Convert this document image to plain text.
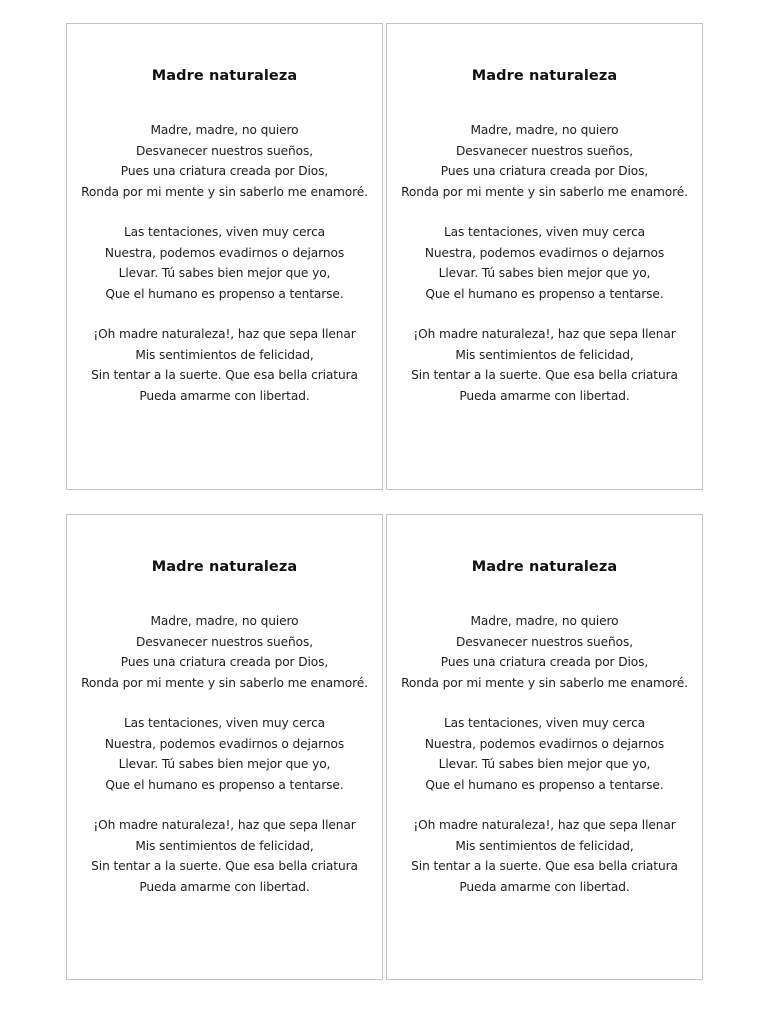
Madre naturaleza

Madre, madre, no quiero
Desvanecer nuestros sueños,
Pues una criatura creada por Dios,
Ronda por mi mente y sin saberlo me enamoré.

Las tentaciones, viven muy cerca
Nuestra, podemos evadirnos o dejarnos
Llevar. Tú sabes bien mejor que yo,
Que el humano es propenso a tentarse.

¡Oh madre naturaleza!, haz que sepa llenar
Mis sentimientos de felicidad,
Sin tentar a la suerte. Que esa bella criatura
Pueda amarme con libertad.

Madre naturaleza

Madre, madre, no quiero
Desvanecer nuestros sueños,
Pues una criatura creada por Dios,
Ronda por mi mente y sin saberlo me enamoré.

Las tentaciones, viven muy cerca
Nuestra, podemos evadirnos o dejarnos
Llevar. Tú sabes bien mejor que yo,
Que el humano es propenso a tentarse.

¡Oh madre naturaleza!, haz que sepa llenar
Mis sentimientos de felicidad,
Sin tentar a la suerte. Que esa bella criatura
Pueda amarme con libertad.

Madre naturaleza

Madre, madre, no quiero
Desvanecer nuestros sueños,
Pues una criatura creada por Dios,
Ronda por mi mente y sin saberlo me enamoré.

Las tentaciones, viven muy cerca
Nuestra, podemos evadirnos o dejarnos
Llevar. Tú sabes bien mejor que yo,
Que el humano es propenso a tentarse.

¡Oh madre naturaleza!, haz que sepa llenar
Mis sentimientos de felicidad,
Sin tentar a la suerte. Que esa bella criatura
Pueda amarme con libertad.

Madre naturaleza

Madre, madre, no quiero
Desvanecer nuestros sueños,
Pues una criatura creada por Dios,
Ronda por mi mente y sin saberlo me enamoré.

Las tentaciones, viven muy cerca
Nuestra, podemos evadirnos o dejarnos
Llevar. Tú sabes bien mejor que yo,
Que el humano es propenso a tentarse.

¡Oh madre naturaleza!, haz que sepa llenar
Mis sentimientos de felicidad,
Sin tentar a la suerte. Que esa bella criatura
Pueda amarme con libertad.
